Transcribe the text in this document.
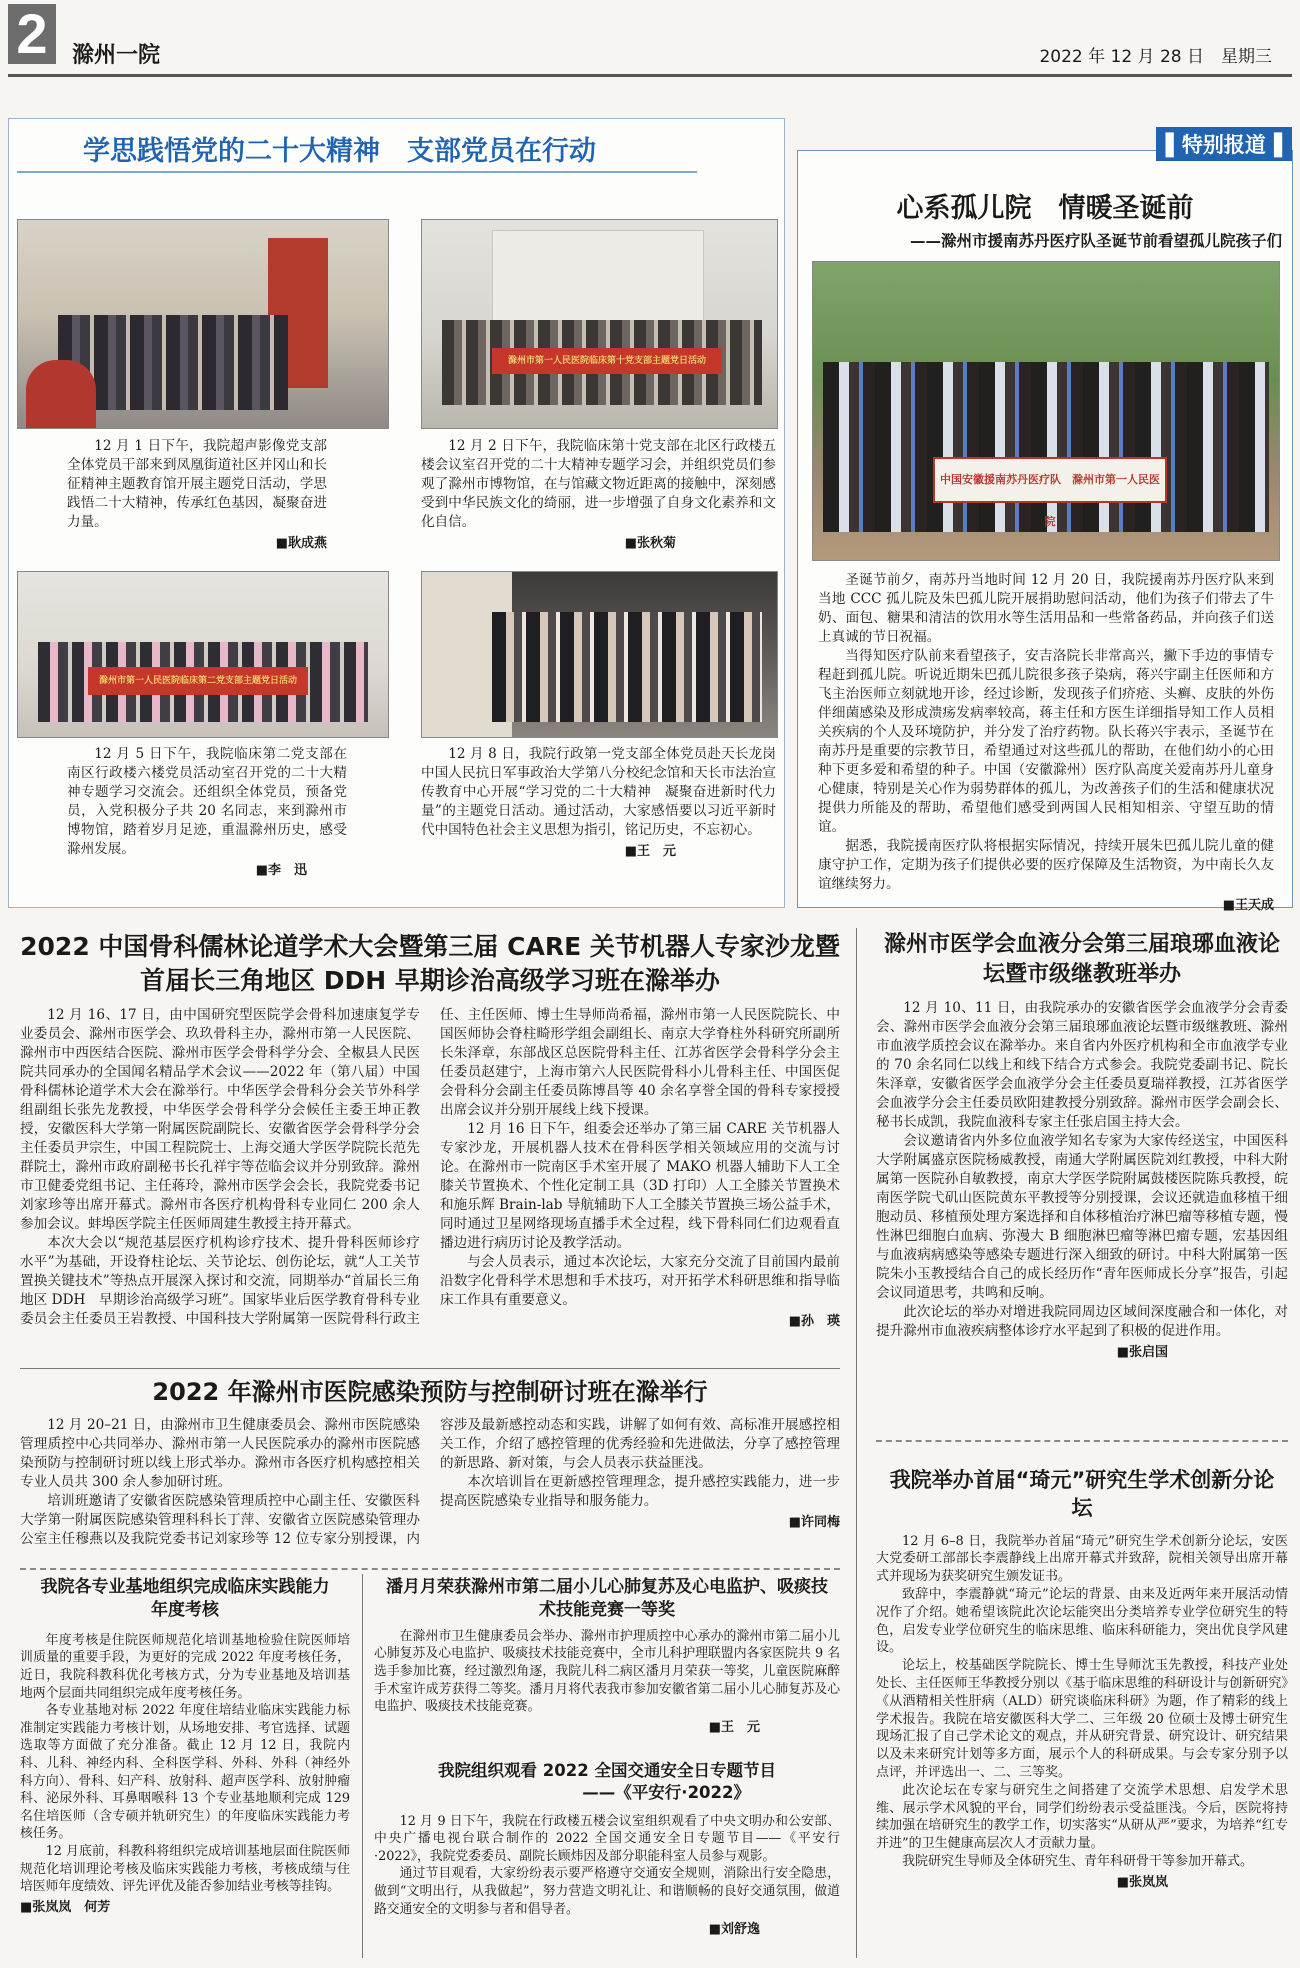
2	滁州一院	2022 年 12 月 28 日　星期三
学思践悟党的二十大精神　支部党员在行动

12 月 1 日下午，我院超声影像党支部全体党员干部来到凤凰街道社区并冈山和长征精神主题教育馆开展主题党日活动，学思践悟二十大精神，传承红色基因，凝聚奋进力量。

■耿成燕
滁州市第一人民医院临床第十党支部主题党日活动

12 月 2 日下午，我院临床第十党支部在北区行政楼五楼会议室召开党的二十大精神专题学习会，并组织党员们参观了滁州市博物馆，在与馆藏文物近距离的接触中，深刻感受到中华民族文化的绮丽，进一步增强了自身文化素养和文化自信。

■张秋菊
滁州市第一人民医院临床第二党支部主题党日活动

12 月 5 日下午，我院临床第二党支部在南区行政楼六楼党员活动室召开党的二十大精神专题学习交流会。还组织全体党员，预备党员，入党积极分子共 20 名同志，来到滁州市博物馆，踏着岁月足迹，重温滁州历史，感受滁州发展。

■李　迅

12 月 8 日，我院行政第一党支部全体党员赴天长龙岗中国人民抗日军事政治大学第八分校纪念馆和天长市法治宣传教育中心开展“学习党的二十大精神　凝聚奋进新时代力量”的主题党日活动。通过活动，大家感悟要以习近平新时代中国特色社会主义思想为指引，铭记历史，不忘初心。

■王　元
▌特别报道▐
心系孤儿院　情暖圣诞前
——滁州市援南苏丹医疗队圣诞节前看望孤儿院孩子们
中国安徽援南苏丹医疗队　滁州市第一人民医院

圣诞节前夕，南苏丹当地时间 12 月 20 日，我院援南苏丹医疗队来到当地 CCC 孤儿院及朱巴孤儿院开展捐助慰问活动，他们为孩子们带去了牛奶、面包、糖果和清洁的饮用水等生活用品和一些常备药品，并向孩子们送上真诚的节日祝福。

当得知医疗队前来看望孩子，安吉洛院长非常高兴，撇下手边的事情专程赶到孤儿院。听说近期朱巴孤儿院很多孩子染病，蒋兴宇副主任医师和方飞主治医师立刻就地开诊，经过诊断，发现孩子们疥疮、头癣、皮肤的外伤伴细菌感染及形成溃疡发病率较高，蒋主任和方医生详细指导知工作人员相关疾病的个人及环境防护，并分发了治疗药物。队长蒋兴宇表示，圣诞节在南苏丹是重要的宗教节日，希望通过对这些孤儿的帮助，在他们幼小的心田种下更多爱和希望的种子。中国（安徽滁州）医疗队高度关爱南苏丹儿童身心健康，特别是关心作为弱势群体的孤儿，为改善孩子们的生活和健康状况提供力所能及的帮助，希望他们感受到两国人民相知相亲、守望互助的情谊。

据悉，我院援南医疗队将根据实际情况，持续开展朱巴孤儿院儿童的健康守护工作，定期为孩子们提供必要的医疗保障及生活物资，为中南长久友谊继续努力。

■王天成
2022 中国骨科儒林论道学术大会暨第三届 CARE 关节机器人专家沙龙暨首届长三角地区 DDH 早期诊治高级学习班在滁举办

12 月 16、17 日，由中国研究型医院学会骨科加速康复学专业委员会、滁州市医学会、玖玖骨科主办，滁州市第一人民医院、滁州市中西医结合医院、滁州市医学会骨科学分会、全椒县人民医院共同承办的全国闻名精品学术会议——2022 年（第八届）中国骨科儒林论道学术大会在滁举行。中华医学会骨科分会关节外科学组副组长张先龙教授，中华医学会骨科学分会候任主委王坤正教授，安徽医科大学第一附属医院副院长、安徽省医学会骨科学分会主任委员尹宗生，中国工程院院士、上海交通大学医学院院长范先群院士，滁州市政府副秘书长孔祥宇等莅临会议并分别致辞。滁州市卫健委党组书记、主任蒋玲，滁州市医学会会长，我院党委书记刘家珍等出席开幕式。滁州市各医疗机构骨科专业同仁 200 余人参加会议。蚌埠医学院主任医师周建生教授主持开幕式。

本次大会以“规范基层医疗机构诊疗技术、提升骨科医师诊疗水平”为基础，开设脊柱论坛、关节论坛、创伤论坛，就“人工关节置换关键技术”等热点开展深入探讨和交流，同期举办“首届长三角地区 DDH　早期诊治高级学习班”。国家毕业后医学教育骨科专业委员会主任委员王岩教授、中国科技大学附属第一医院骨科行政主任、主任医师、博士生导师尚希福，滁州市第一人民医院院长、中国医师协会脊柱畸形学组会副组长、南京大学脊柱外科研究所副所长朱泽章，东部战区总医院骨科主任、江苏省医学会骨科学分会主任委员赵建宁，上海市第六人民医院骨科小儿骨科主任、中国医促会骨科分会副主任委员陈博昌等 40 余名享誉全国的骨科专家授授出席会议并分别开展线上线下授课。

12 月 16 日下午，组委会还举办了第三届 CARE 关节机器人专家沙龙，开展机器人技术在骨科医学相关领域应用的交流与讨论。在滁州市一院南区手术室开展了 MAKO 机器人辅助下人工全膝关节置换术、个性化定制工具（3D 打印）人工全膝关节置换术和施乐辉 Brain-lab 导航辅助下人工全膝关节置换三场公益手术，同时通过卫星网络现场直播手术全过程，线下骨科同仁们边观看直播边进行病历讨论及教学活动。

与会人员表示，通过本次论坛，大家充分交流了目前国内最前沿数字化骨科学术思想和手术技巧，对开拓学术科研思维和指导临床工作具有重要意义。

■孙　瑛
2022 年滁州市医院感染预防与控制研讨班在滁举行

12 月 20–21 日，由滁州市卫生健康委员会、滁州市医院感染管理质控中心共同举办、滁州市第一人民医院承办的滁州市医院感染预防与控制研讨班以线上形式举办。滁州市各医疗机构感控相关专业人员共 300 余人参加研讨班。

培训班邀请了安徽省医院感染管理质控中心副主任、安徽医科大学第一附属医院感染管理科科长丁萍、安徽省立医院感染管理办公室主任穆燕以及我院党委书记刘家珍等 12 位专家分别授课，内容涉及最新感控动态和实践，讲解了如何有效、高标准开展感控相关工作，介绍了感控管理的优秀经验和先进做法，分享了感控管理的新思路、新对策，与会人员表示获益匪浅。

本次培训旨在更新感控管理理念，提升感控实践能力，进一步提高医院感染专业指导和服务能力。

■许同梅
我院各专业基地组织完成临床实践能力年度考核

年度考核是住院医师规范化培训基地检验住院医师培训质量的重要手段，为更好的完成 2022 年度考核任务，近日，我院科教科优化考核方式，分为专业基地及培训基地两个层面共同组织完成年度考核任务。

各专业基地对标 2022 年度住培结业临床实践能力标准制定实践能力考核计划，从场地安排、考官选择、试题选取等方面做了充分准备。截止 12 月 12 日，我院内科、儿科、神经内科、全科医学科、外科、外科（神经外科方向）、骨科、妇产科、放射科、超声医学科、放射肿瘤科、泌尿外科、耳鼻咽喉科 13 个专业基地顺利完成 129 名住培医师（含专硕并轨研究生）的年度临床实践能力考核任务。

12 月底前，科教科将组织完成培训基地层面住院医师规范化培训理论考核及临床实践能力考核，考核成绩与住培医师年度绩效、评先评优及能否参加结业考核等挂钩。

■张岚岚　何芳
潘月月荣获滁州市第二届小儿心肺复苏及心电监护、吸痰技术技能竞赛一等奖

在滁州市卫生健康委员会举办、滁州市护理质控中心承办的滁州市第二届小儿心肺复苏及心电监护、吸痰技术技能竞赛中，全市儿科护理联盟内各家医院共 9 名选手参加比赛，经过激烈角逐，我院儿科二病区潘月月荣获一等奖，儿童医院麻醉手术室许成芳获得二等奖。潘月月将代表我市参加安徽省第二届小儿心肺复苏及心电监护、吸痰技术技能竞赛。

■王　元
我院组织观看 2022 全国交通安全日专题节目
——《平安行·2022》

12 月 9 日下午，我院在行政楼五楼会议室组织观看了中央文明办和公安部、中央广播电视台联合制作的 2022 全国交通安全日专题节目——《平安行·2022》，我院党委委员、副院长顾炜因及部分职能科室人员参与观影。

通过节目观看，大家纷纷表示要严格遵守交通安全规则，消除出行安全隐患，做到“文明出行，从我做起”，努力营造文明礼让、和谐顺畅的良好交通氛围，做道路交通安全的文明参与者和倡导者。

■刘舒逸
滁州市医学会血液分会第三届琅琊血液论坛暨市级继教班举办

12 月 10、11 日，由我院承办的安徽省医学会血液学分会青委会、滁州市医学会血液分会第三届琅琊血液论坛暨市级继教班、滁州市血液学质控会议在滁举办。来自省内外医疗机构和全市血液学专业的 70 余名同仁以线上和线下结合方式参会。我院党委副书记、院长朱泽章，安徽省医学会血液学分会主任委员夏瑞祥教授，江苏省医学会血液学分会主任委员欧阳建教授分别致辞。滁州市医学会副会长、秘书长成凯，我院血液科专家主任张启国主持大会。

会议邀请省内外多位血液学知名专家为大家传经送宝，中国医科大学附属盛京医院杨威教授，南通大学附属医院刘红教授，中科大附属第一医院孙自敏教授，南京大学医学院附属鼓楼医院陈兵教授，皖南医学院弋矶山医院黄东平教授等分别授课，会议还就造血移植干细胞动员、移植预处理方案选择和自体移植治疗淋巴瘤等移植专题，慢性淋巴细胞白血病、弥漫大 B 细胞淋巴瘤等淋巴瘤专题，宏基因组与血液病病感染等感染专题进行深入细致的研讨。中科大附属第一医院朱小玉教授结合自己的成长经历作“青年医师成长分享”报告，引起会议同道思考，共鸣和反响。

此次论坛的举办对增进我院同周边区域间深度融合和一体化，对提升滁州市血液疾病整体诊疗水平起到了积极的促进作用。

■张启国
我院举办首届“琦元”研究生学术创新分论坛

12 月 6–8 日，我院举办首届“琦元”研究生学术创新分论坛，安医大党委研工部部长李震静线上出席开幕式并致辞，院相关领导出席开幕式并现场为获奖研究生颁发证书。

致辞中，李震静就“琦元”论坛的背景、由来及近两年来开展活动情况作了介绍。她希望该院此次论坛能突出分类培养专业学位研究生的特色，启发专业学位研究生的临床思维、临床科研能力，突出优良学风建设。

论坛上，校基础医学院院长、博士生导师沈玉先教授，科技产业处处长、主任医师王华教授分别以《基于临床思维的科研设计与创新研究》《从酒精相关性肝病（ALD）研究谈临床科研》为题，作了精彩的线上学术报告。我院在培安徽医科大学二、三年级 20 位硕士及博士研究生现场汇报了自己学术论文的观点，并从研究背景、研究设计、研究结果以及未来研究计划等多方面，展示个人的科研成果。与会专家分别予以点评，并评选出一、二、三等奖。

此次论坛在专家与研究生之间搭建了交流学术思想、启发学术思维、展示学术风貌的平台，同学们纷纷表示受益匪浅。今后，医院将持续加强在培研究生的教学工作，切实落实“从研从严”要求，为培养“红专并进”的卫生健康高层次人才贡献力量。

我院研究生导师及全体研究生、青年科研骨干等参加开幕式。

■张岚岚
